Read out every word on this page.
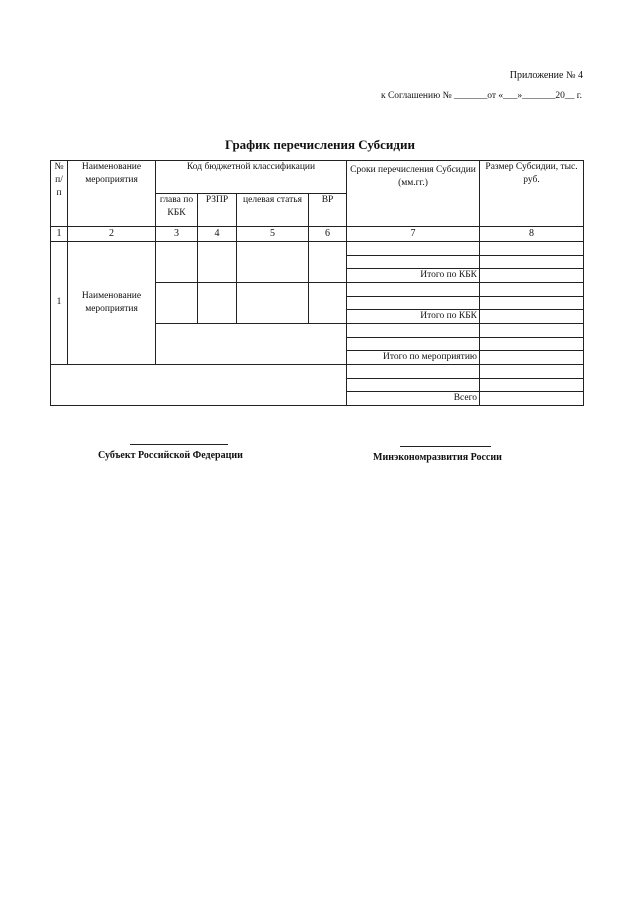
Приложение № 4
к Соглашению № _______от «___»_______20__ г.
График перечисления Субсидии
№ п/п	Наименование мероприятия	Код бюджетной классификации				Сроки перечисления Субсидии (мм.гг.)	Размер Субсидии, тыс. руб.
		глава по КБК	РЗПР	целевая статья	ВР		
1	2	3	4	5	6	7	8
1	Наименование мероприятия						

						Итого по КБК	

						Итого по КБК	

						Итого по мероприятию	

						Всего	
Субъект Российской Федерации	Минэкономразвития России
